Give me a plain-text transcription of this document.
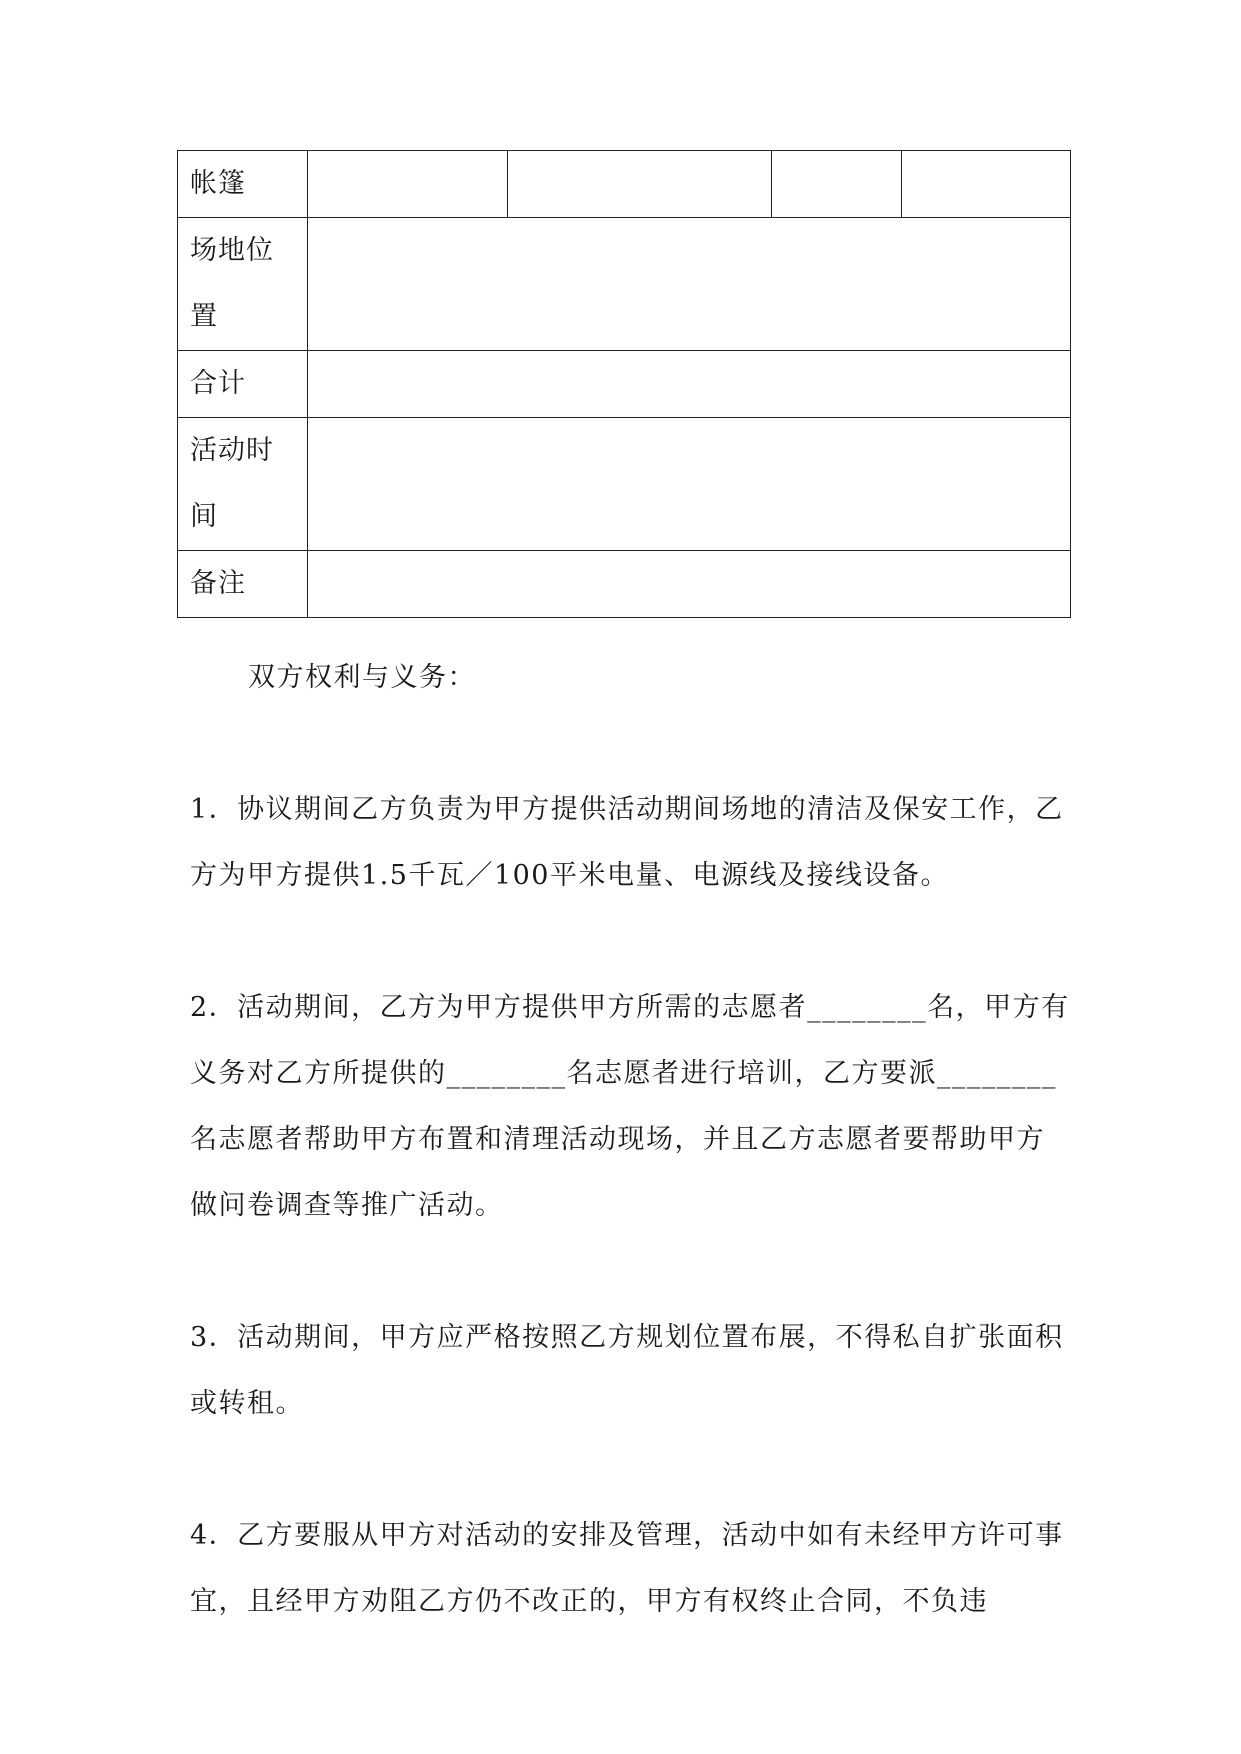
帐篷				
场地位置				
合计				
活动时间				
备注				

双方权利与义务：

1．协议期间乙方负责为甲方提供活动期间场地的清洁及保安工作，乙方为甲方提供1.5千瓦／100平米电量、电源线及接线设备。

2．活动期间，乙方为甲方提供甲方所需的志愿者________名，甲方有义务对乙方所提供的________名志愿者进行培训，乙方要派________名志愿者帮助甲方布置和清理活动现场，并且乙方志愿者要帮助甲方做问卷调查等推广活动。

3．活动期间，甲方应严格按照乙方规划位置布展，不得私自扩张面积或转租。

4．乙方要服从甲方对活动的安排及管理，活动中如有未经甲方许可事宜，且经甲方劝阻乙方仍不改正的，甲方有权终止合同，不负违
